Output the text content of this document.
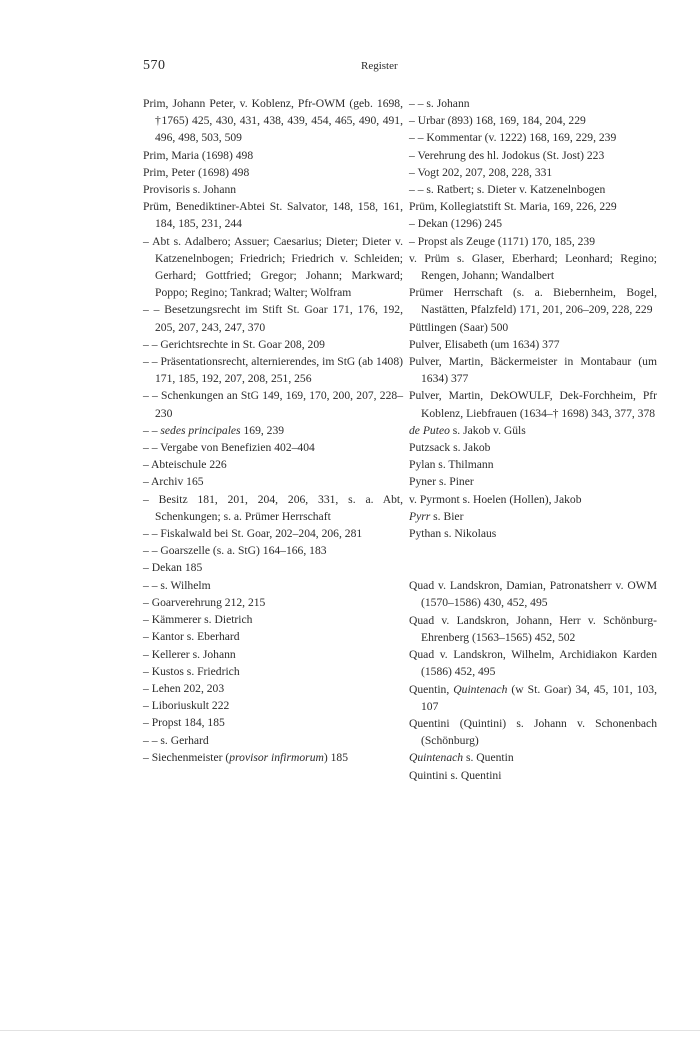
570	Register
Prim, Johann Peter, v. Koblenz, Pfr-OWM (geb. 1698, †1765) 425, 430, 431, 438, 439, 454, 465, 490, 491, 496, 498, 503, 509
Prim, Maria (1698) 498
Prim, Peter (1698) 498
Provisoris s. Johann
Prüm, Benediktiner-Abtei St. Salvator, 148, 158, 161, 184, 185, 231, 244
– Abt s. Adalbero; Assuer; Caesarius; Dieter; Dieter v. Katzenelnbogen; Friedrich; Friedrich v. Schleiden; Gerhard; Gottfried; Gregor; Johann; Markward; Poppo; Regino; Tankrad; Walter; Wolfram
– – Besetzungsrecht im Stift St. Goar 171, 176, 192, 205, 207, 243, 247, 370
– – Gerichtsrechte in St. Goar 208, 209
– – Präsentationsrecht, alternierendes, im StG (ab 1408) 171, 185, 192, 207, 208, 251, 256
– – Schenkungen an StG 149, 169, 170, 200, 207, 228–230
– – sedes principales 169, 239
– – Vergabe von Benefizien 402–404
– Abteischule 226
– Archiv 165
– Besitz 181, 201, 204, 206, 331, s. a. Abt, Schenkungen; s. a. Prümer Herrschaft
– – Fiskalwald bei St. Goar, 202–204, 206, 281
– – Goarszelle (s. a. StG) 164–166, 183
– Dekan 185
– – s. Wilhelm
– Goarverehrung 212, 215
– Kämmerer s. Dietrich
– Kantor s. Eberhard
– Kellerer s. Johann
– Kustos s. Friedrich
– Lehen 202, 203
– Liboriuskult 222
– Propst 184, 185
– – s. Gerhard
– Siechenmeister (provisor infirmorum) 185
– – s. Johann
– Urbar (893) 168, 169, 184, 204, 229
– – Kommentar (v. 1222) 168, 169, 229, 239
– Verehrung des hl. Jodokus (St. Jost) 223
– Vogt 202, 207, 208, 228, 331
– – s. Ratbert; s. Dieter v. Katzenelnbogen
Prüm, Kollegiatstift St. Maria, 169, 226, 229
– Dekan (1296) 245
– Propst als Zeuge (1171) 170, 185, 239
v. Prüm s. Glaser, Eberhard; Leonhard; Regino; Rengen, Johann; Wandalbert
Prümer Herrschaft (s. a. Biebernheim, Bogel, Nastätten, Pfalzfeld) 171, 201, 206–209, 228, 229
Püttlingen (Saar) 500
Pulver, Elisabeth (um 1634) 377
Pulver, Martin, Bäckermeister in Montabaur (um 1634) 377
Pulver, Martin, DekOWULF, Dek-Forchheim, Pfr Koblenz, Liebfrauen (1634–† 1698) 343, 377, 378
de Puteo s. Jakob v. Güls
Putzsack s. Jakob
Pylan s. Thilmann
Pyner s. Piner
v. Pyrmont s. Hoelen (Hollen), Jakob
Pyrr s. Bier
Pythan s. Nikolaus
Quad v. Landskron, Damian, Patronatsherr v. OWM (1570–1586) 430, 452, 495
Quad v. Landskron, Johann, Herr v. Schönburg-Ehrenberg (1563–1565) 452, 502
Quad v. Landskron, Wilhelm, Archidiakon Karden (1586) 452, 495
Quentin, Quintenach (w St. Goar) 34, 45, 101, 103, 107
Quentini (Quintini) s. Johann v. Schonenbach (Schönburg)
Quintenach s. Quentin
Quintini s. Quentini
